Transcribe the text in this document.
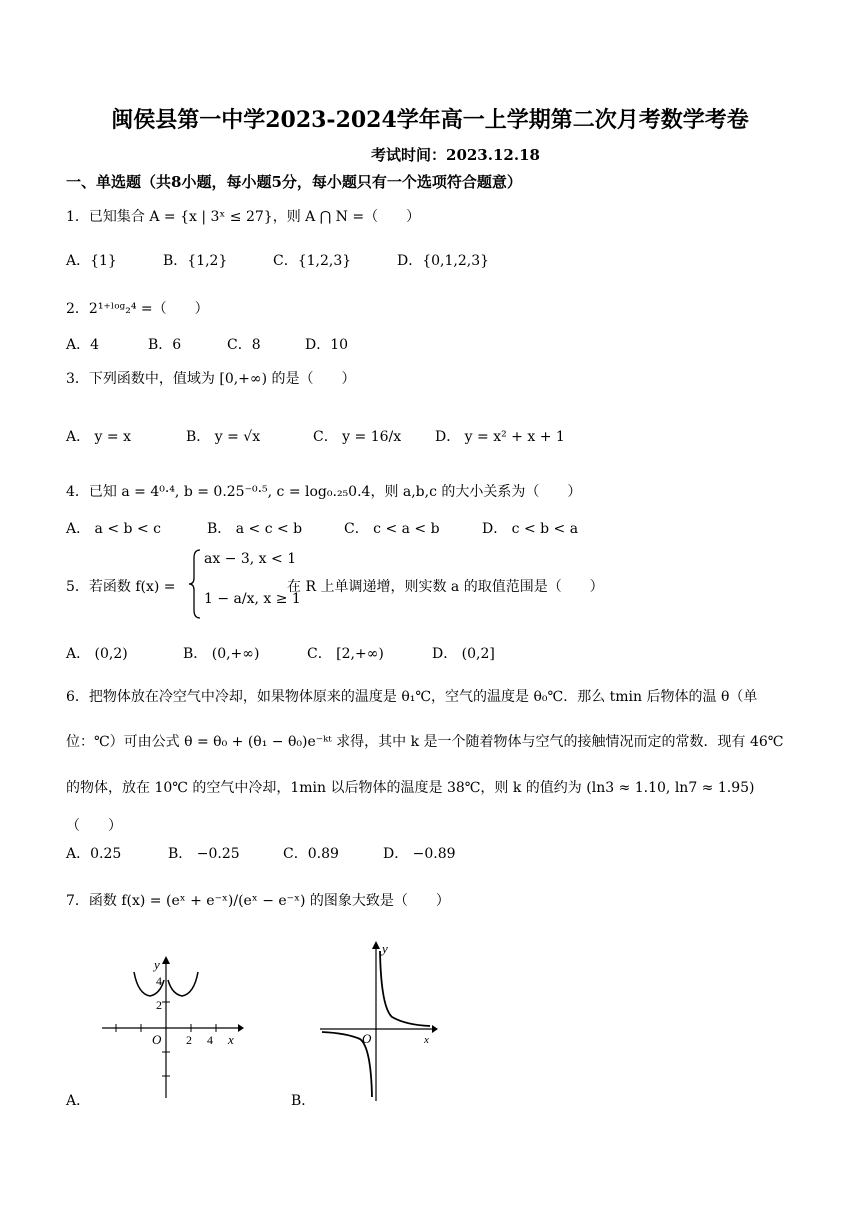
闽侯县第一中学2023-2024学年高一上学期第二次月考数学考卷
考试时间：2023.12.18
一、单选题（共8小题，每小题5分，每小题只有一个选项符合题意）
1．已知集合 A = {x | 3ˣ ≤ 27}，则 A ⋂ N =（　　）
A．{1}	B．{1,2}	C．{1,2,3}	D．{0,1,2,3}
2．2¹⁺ˡᵒᵍ₂⁴ =（　　）
A．4	B．6	C．8	D．10
3．下列函数中，值域为 [0,+∞) 的是（　　）
A． y = x	B． y = √x	C． y = 16/x D． y = x² + x + 1
4．已知 a = 4⁰·⁴, b = 0.25⁻⁰·⁵, c = log₀.₂₅0.4，则 a,b,c 的大小关系为（　　）
A． a < b < c	B． a < c < b	C． c < a < b	D． c < b < a
5．若函数 f(x) =
ax − 3, x < 1
1 − a/x, x ≥ 1
在 R 上单调递增，则实数 a 的取值范围是（　　）
A． (0,2)	B． (0,+∞)	C． [2,+∞)	D． (0,2]
6．把物体放在冷空气中冷却，如果物体原来的温度是 θ₁℃，空气的温度是 θ₀℃．那么 tmin 后物体的温 θ（单
位：℃）可由公式 θ = θ₀ + (θ₁ − θ₀)e⁻ᵏᵗ 求得，其中 k 是一个随着物体与空气的接触情况而定的常数．现有 46℃
的物体，放在 10℃ 的空气中冷却，1min 以后物体的温度是 38℃，则 k 的值约为 (ln3 ≈ 1.10, ln7 ≈ 1.95)
（　　）
A．0.25	B． −0.25	C．0.89	D． −0.89
7．函数 f(x) = (eˣ + e⁻ˣ)/(eˣ − e⁻ˣ) 的图象大致是（　　）
y
x
O
4
2
2 4
y
x
O
A．	B．
